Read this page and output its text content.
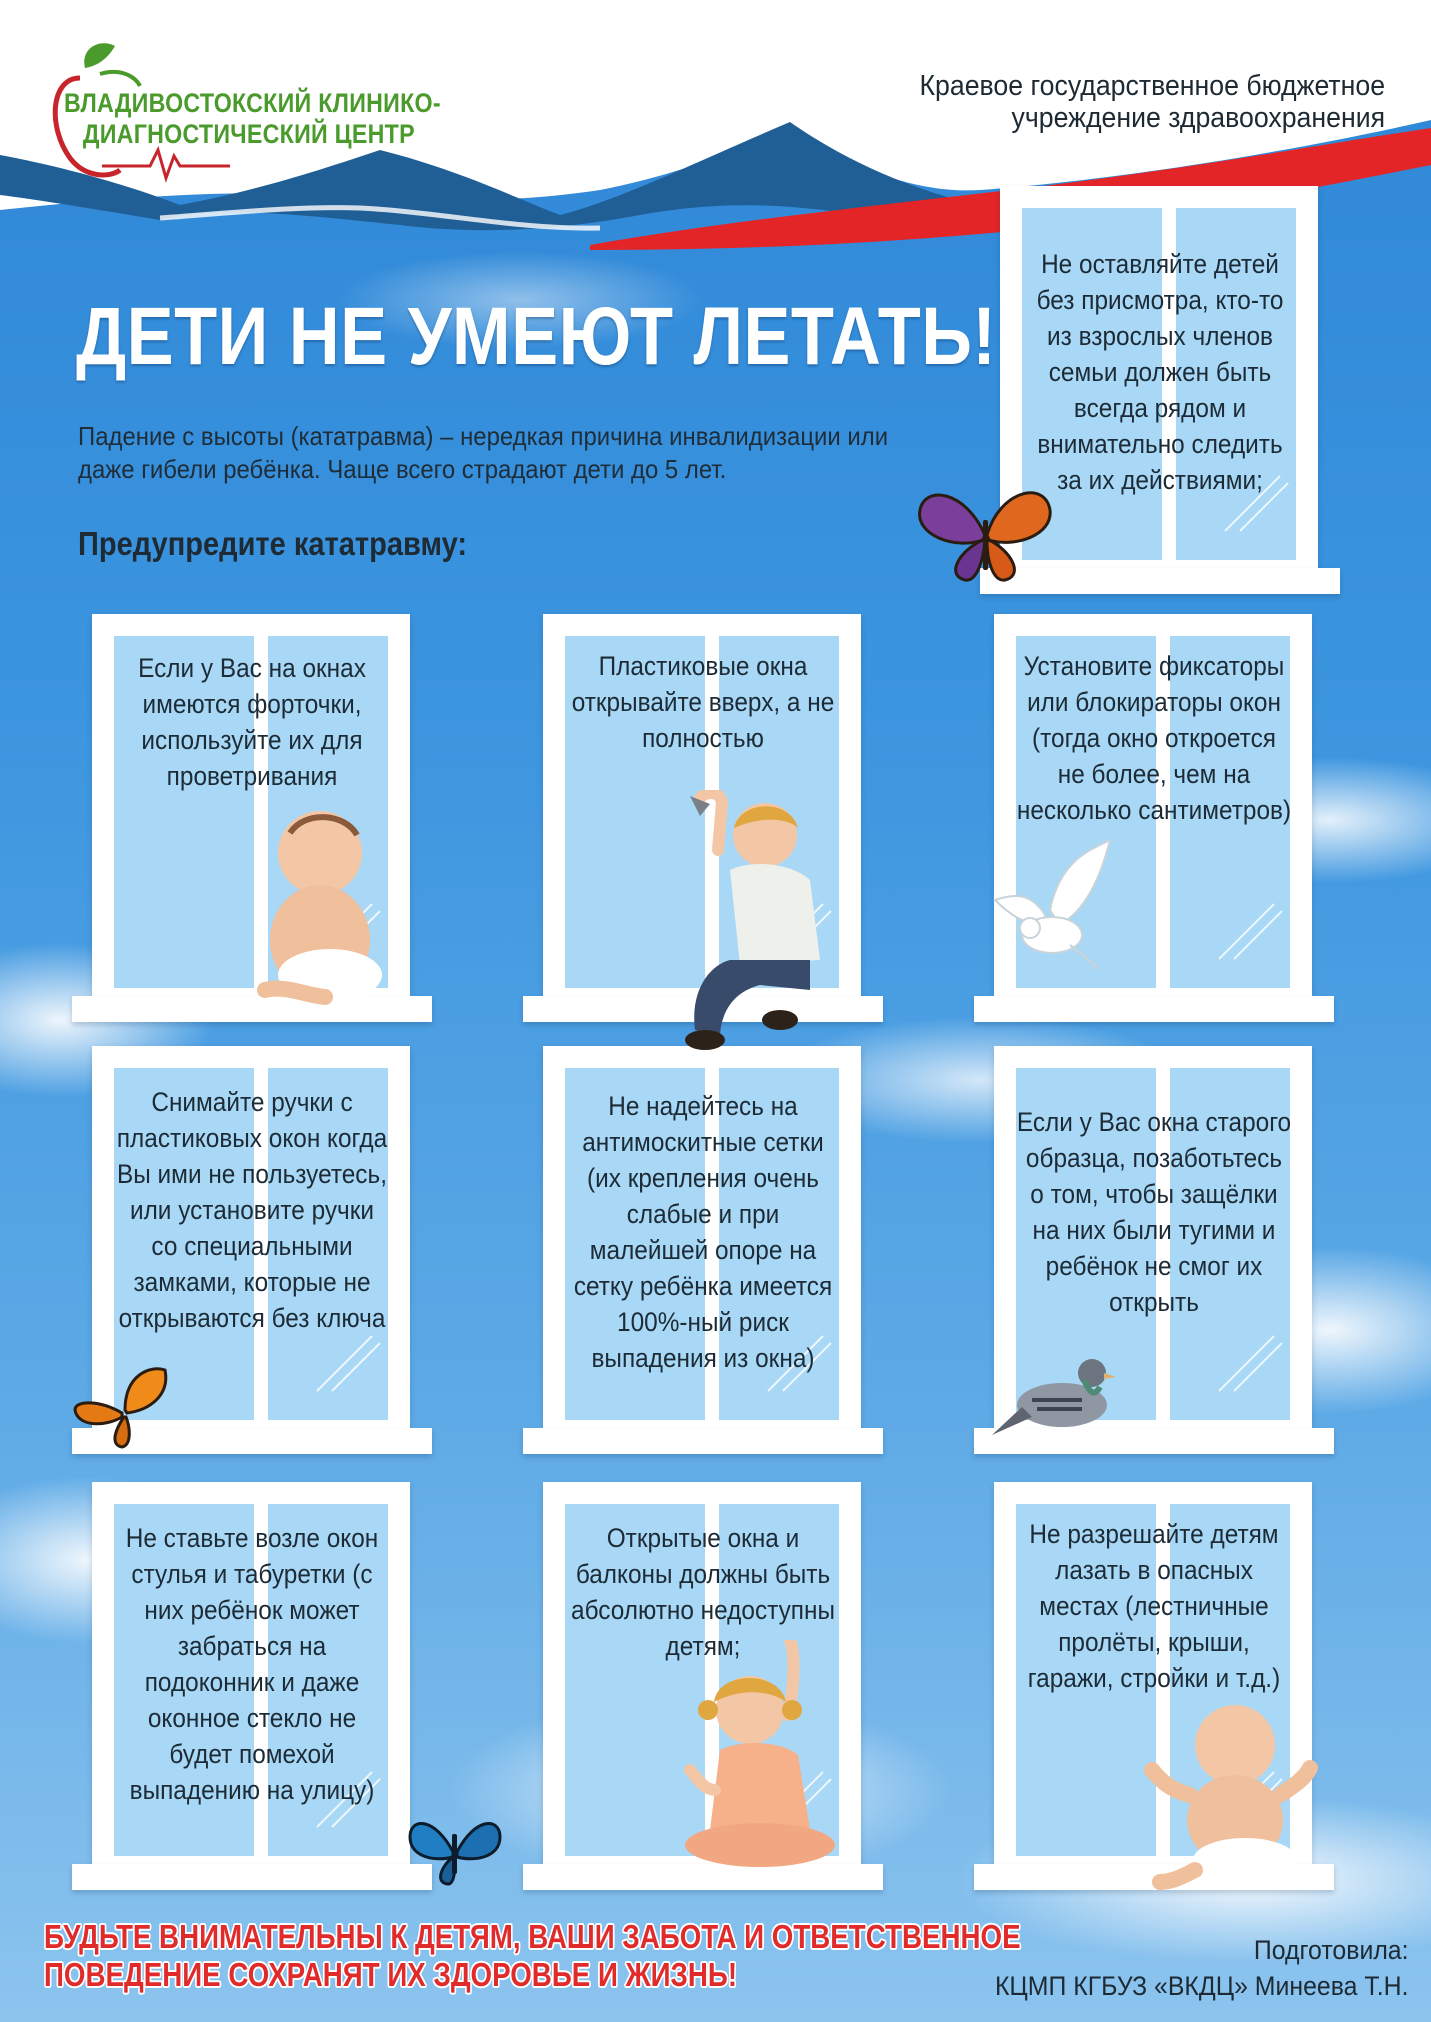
ВЛАДИВОСТОКСКИЙ КЛИНИКО-
ДИАГНОСТИЧЕСКИЙ ЦЕНТР
Краевое государственное бюджетное
учреждение здравоохранения
ДЕТИ НЕ УМЕЮТ ЛЕТАТЬ!
Падение с высоты (кататравма) – нередкая причина инвалидизации или
даже гибели ребёнка. Чаще всего страдают дети до 5 лет.
Предупредите кататравму:
Не оставляйте детей без присмотра, кто-то из взрослых членов семьи должен быть всегда рядом и внимательно следить за их действиями;
Если у Вас на окнах имеются форточки, используйте их для проветривания
Пластиковые окна открывайте вверх, а не полностью
Установите фиксаторы или блокираторы окон (тогда окно откроется не более, чем на несколько сантиметров)
Снимайте ручки с пластиковых окон когда Вы ими не пользуетесь, или установите ручки со специальными замками, которые не открываются без ключа
Не надейтесь на антимоскитные сетки (их крепления очень слабые и при малейшей опоре на сетку ребёнка имеется 100%-ный риск выпадения из окна)
Если у Вас окна старого образца, позаботьтесь о том, чтобы защёлки на них были тугими и ребёнок не смог их открыть
Не ставьте возле окон стулья и табуретки (с них ребёнок может забраться на подоконник и даже оконное стекло не будет помехой выпадению на улицу)
Открытые окна и балконы должны быть абсолютно недоступны детям;
Не разрешайте детям лазать в опасных местах (лестничные пролёты, крыши, гаражи, стройки и т.д.)
БУДЬТЕ ВНИМАТЕЛЬНЫ К ДЕТЯМ, ВАШИ ЗАБОТА И ОТВЕТСТВЕННОЕ
ПОВЕДЕНИЕ СОХРАНЯТ ИХ ЗДОРОВЬЕ И ЖИЗНЬ!
Подготовила:
КЦМП КГБУЗ «ВКДЦ» Минеева Т.Н.
